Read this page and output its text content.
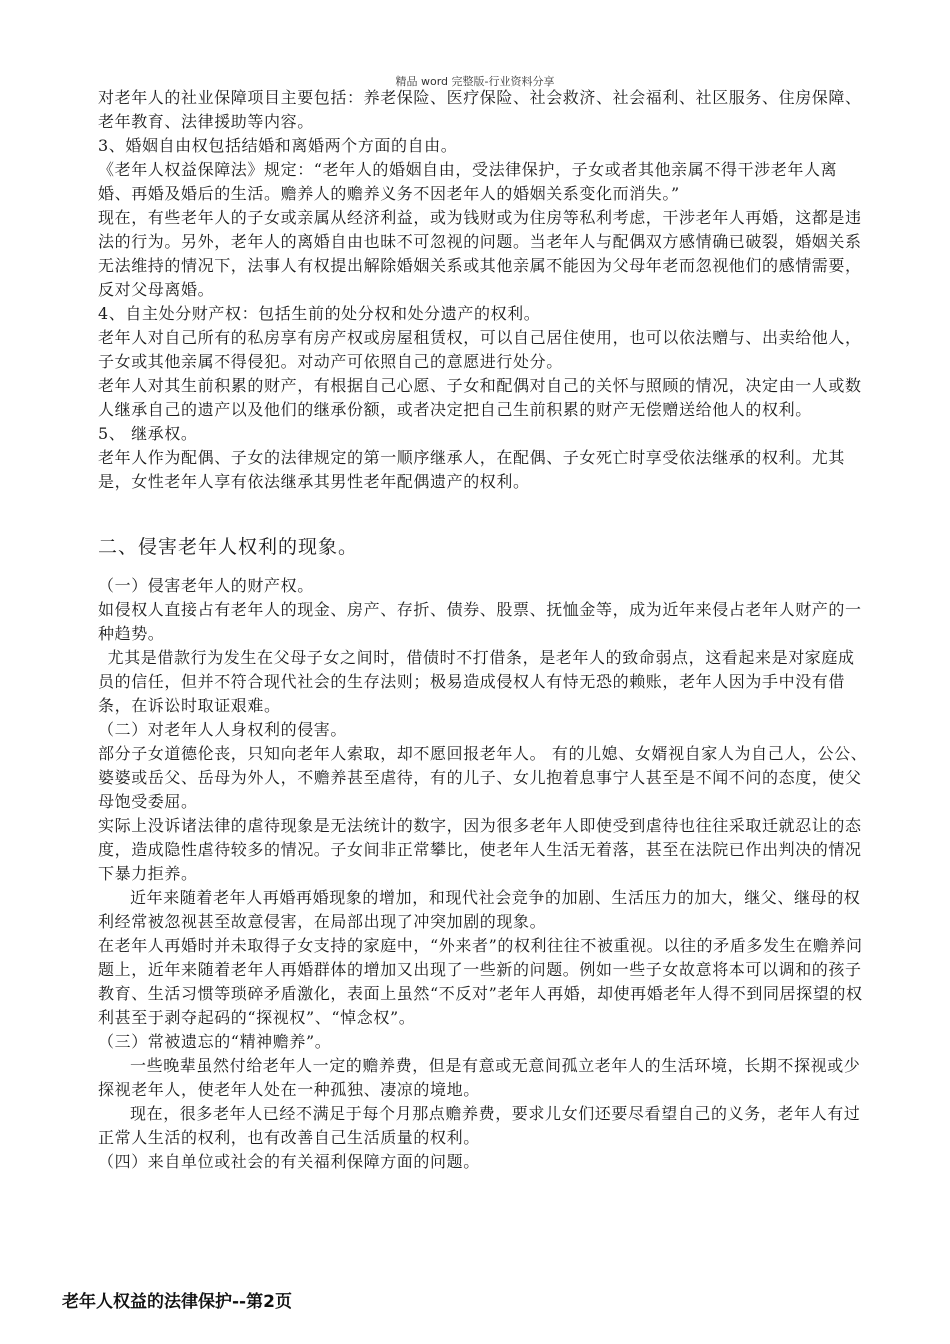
精品 word 完整版-行业资料分享

对老年人的社业保障项目主要包括：养老保险、医疗保险、社会救济、社会福利、社区服务、住房保障、老年教育、法律援助等内容。

3、婚姻自由权包括结婚和离婚两个方面的自由。

《老年人权益保障法》规定：“老年人的婚姻自由，受法律保护，子女或者其他亲属不得干涉老年人离婚、再婚及婚后的生活。赡养人的赡养义务不因老年人的婚姻关系变化而消失。”

现在，有些老年人的子女或亲属从经济利益，或为钱财或为住房等私利考虑，干涉老年人再婚，这都是违法的行为。另外，老年人的离婚自由也昧不可忽视的问题。当老年人与配偶双方感情确已破裂，婚姻关系无法维持的情况下，法事人有权提出解除婚姻关系或其他亲属不能因为父母年老而忽视他们的感情需要，反对父母离婚。

4、自主处分财产权：包括生前的处分权和处分遗产的权利。

老年人对自己所有的私房享有房产权或房屋租赁权，可以自己居住使用，也可以依法赠与、出卖给他人，子女或其他亲属不得侵犯。对动产可依照自己的意愿进行处分。

老年人对其生前积累的财产，有根据自己心愿、子女和配偶对自己的关怀与照顾的情况，决定由一人或数人继承自己的遗产以及他们的继承份额，或者决定把自己生前积累的财产无偿赠送给他人的权利。

5、 继承权。

老年人作为配偶、子女的法律规定的第一顺序继承人，在配偶、子女死亡时享受依法继承的权利。尤其是，女性老年人享有依法继承其男性老年配偶遗产的权利。

二、侵害老年人权利的现象。

（一）侵害老年人的财产权。

如侵权人直接占有老年人的现金、房产、存折、债券、股票、抚恤金等，成为近年来侵占老年人财产的一种趋势。

尤其是借款行为发生在父母子女之间时，借债时不打借条，是老年人的致命弱点，这看起来是对家庭成员的信任，但并不符合现代社会的生存法则；极易造成侵权人有恃无恐的赖账，老年人因为手中没有借条，在诉讼时取证艰难。

（二）对老年人人身权利的侵害。

部分子女道德伦丧，只知向老年人索取，却不愿回报老年人。 有的儿媳、女婿视自家人为自己人，公公、婆婆或岳父、岳母为外人，不赡养甚至虐待，有的儿子、女儿抱着息事宁人甚至是不闻不问的态度，使父母饱受委屈。

实际上没诉诸法律的虐待现象是无法统计的数字，因为很多老年人即使受到虐待也往往采取迁就忍让的态度，造成隐性虐待较多的情况。子女间非正常攀比，使老年人生活无着落，甚至在法院已作出判决的情况下暴力拒养。

近年来随着老年人再婚再婚现象的增加，和现代社会竞争的加剧、生活压力的加大，继父、继母的权利经常被忽视甚至故意侵害，在局部出现了冲突加剧的现象。

在老年人再婚时并未取得子女支持的家庭中，“外来者”的权利往往不被重视。以往的矛盾多发生在赡养问题上，近年来随着老年人再婚群体的增加又出现了一些新的问题。例如一些子女故意将本可以调和的孩子教育、生活习惯等琐碎矛盾激化，表面上虽然“不反对”老年人再婚，却使再婚老年人得不到同居探望的权利甚至于剥夺起码的“探视权”、“悼念权”。

（三）常被遗忘的“精神赡养”。

一些晚辈虽然付给老年人一定的赡养费，但是有意或无意间孤立老年人的生活环境，长期不探视或少探视老年人，使老年人处在一种孤独、凄凉的境地。

现在，很多老年人已经不满足于每个月那点赡养费，要求儿女们还要尽看望自己的义务，老年人有过正常人生活的权利，也有改善自己生活质量的权利。

（四）来自单位或社会的有关福利保障方面的问题。

老年人权益的法律保护--第2页
